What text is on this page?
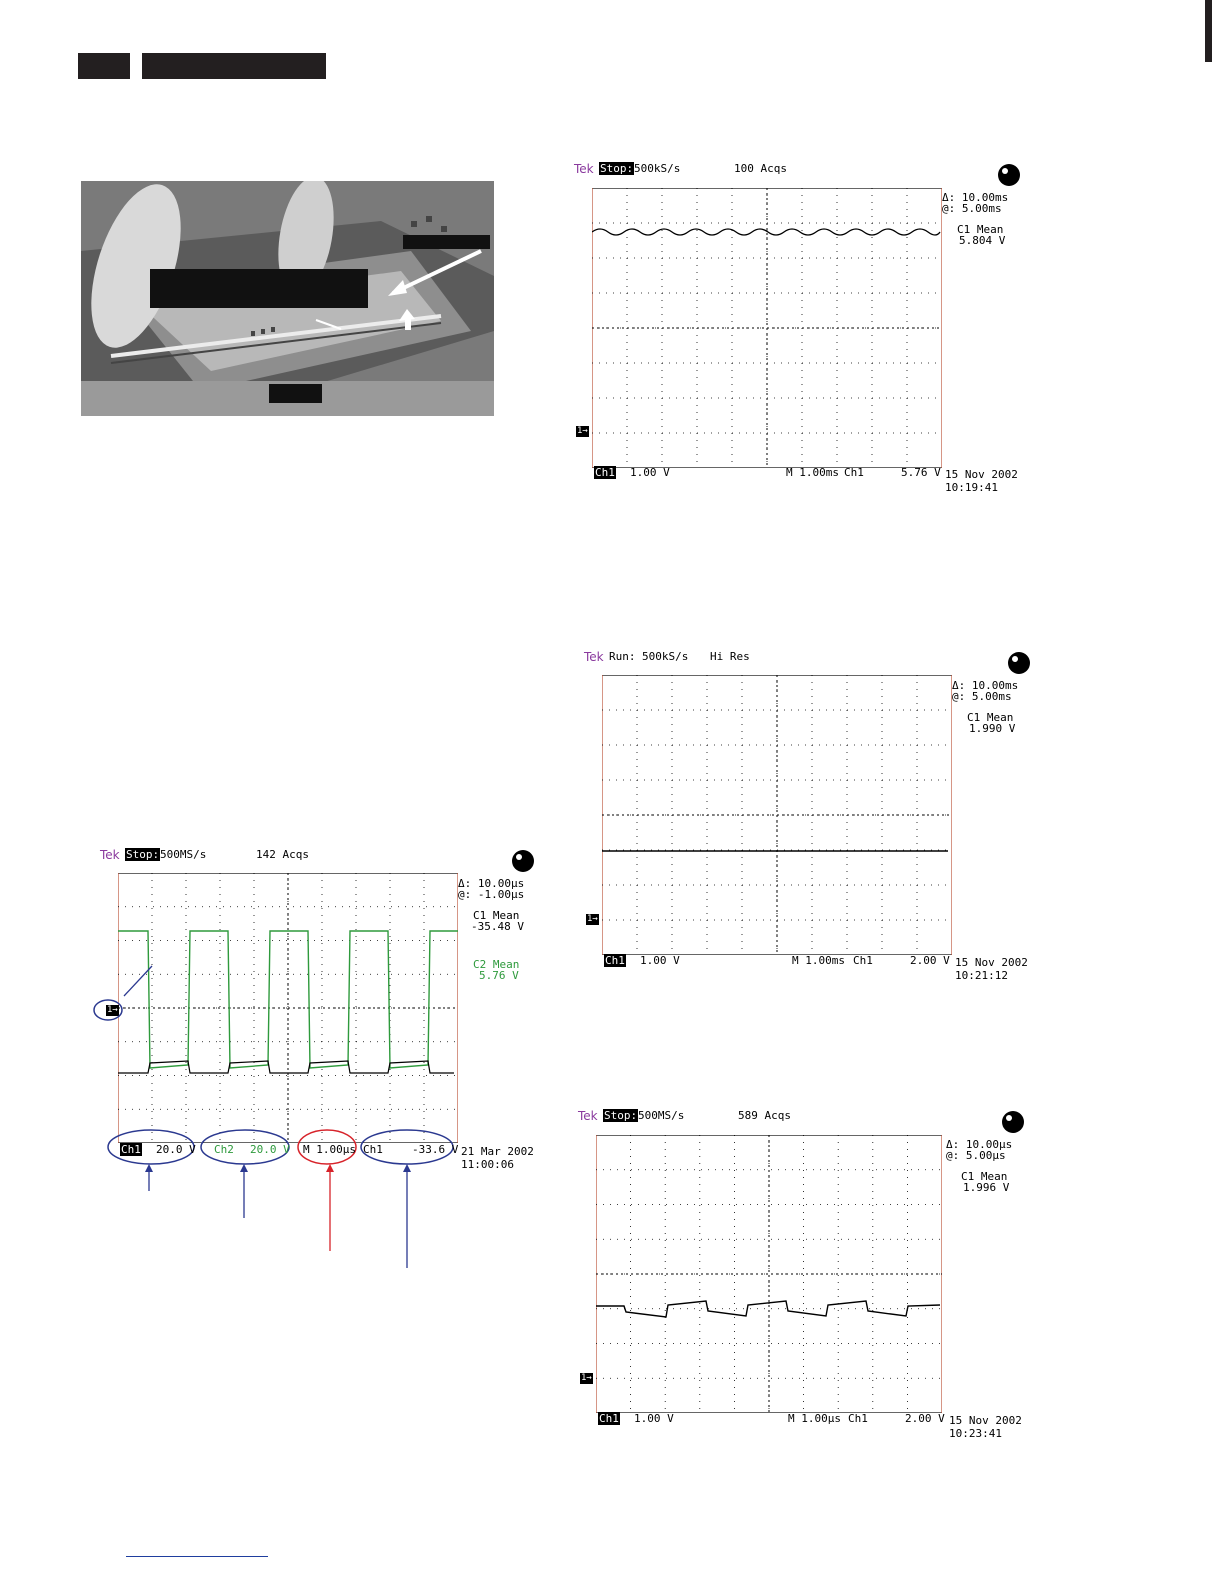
Tek Stop: 500kS/s	100 Acqs
1→
Δ: 10.00ms
@: 5.00ms
C1 Mean
5.804 V
Ch1 1.00 V	M 1.00ms Ch1	5.76 V 15 Nov 2002
10:19:41
Tek Run: 500kS/s Hi Res
1→
Δ: 10.00ms
@: 5.00ms
C1 Mean
1.990 V
Ch1 1.00 V	M 1.00ms Ch1	2.00 V 15 Nov 2002
10:21:12
Tek Stop: 500MS/s	142 Acqs
1→
Δ: 10.00µs
@: -1.00µs
C1 Mean
-35.48 V
C2 Mean
5.76 V
Ch1 20.0 V Ch2 20.0 V M 1.00µs Ch1	-33.6 V 21 Mar 2002
11:00:06
Tek Stop: 500MS/s	589 Acqs
1→
Δ: 10.00µs
@: 5.00µs
C1 Mean
1.996 V
Ch1 1.00 V	M 1.00µs Ch1	2.00 V 15 Nov 2002
10:23:41
